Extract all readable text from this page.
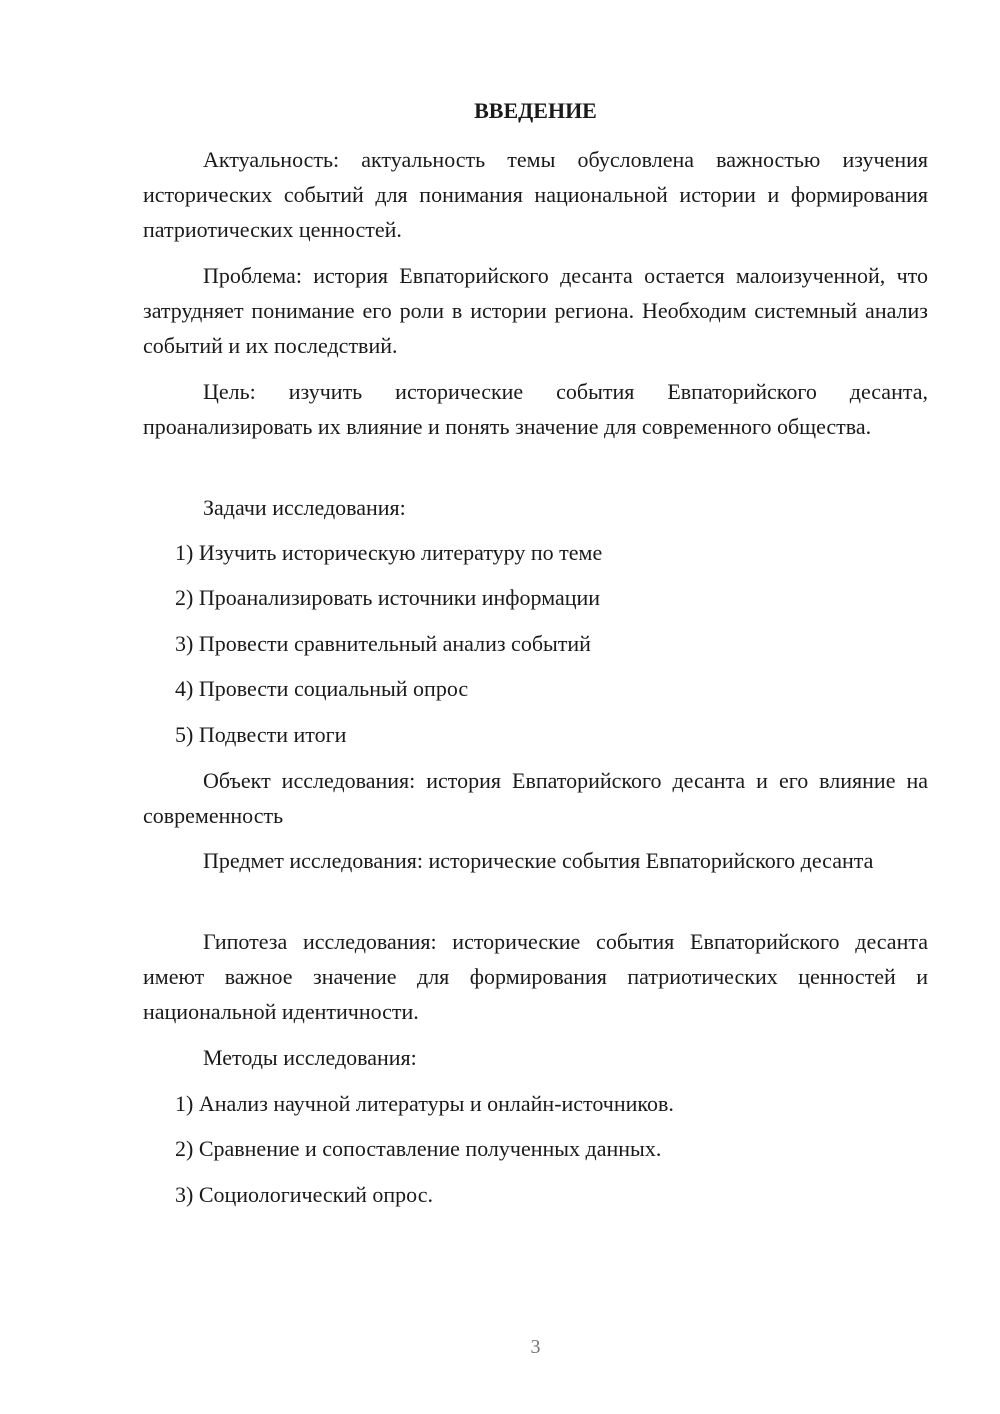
ВВЕДЕНИЕ
Актуальность: актуальность темы обусловлена важностью изучения исторических событий для понимания национальной истории и формирования патриотических ценностей.
Проблема: история Евпаторийского десанта остается малоизученной, что затрудняет понимание его роли в истории региона. Необходим системный анализ событий и их последствий.
Цель: изучить исторические события Евпаторийского десанта, проанализировать их влияние и понять значение для современного общества.
Задачи исследования:
1) Изучить историческую литературу по теме
2) Проанализировать источники информации
3) Провести сравнительный анализ событий
4) Провести социальный опрос
5) Подвести итоги
Объект исследования: история Евпаторийского десанта и его влияние на современность
Предмет исследования: исторические события Евпаторийского десанта
Гипотеза исследования: исторические события Евпаторийского десанта имеют важное значение для формирования патриотических ценностей и национальной идентичности.
Методы исследования:
1) Анализ научной литературы и онлайн-источников.
2) Сравнение и сопоставление полученных данных.
3) Социологический опрос.
3
